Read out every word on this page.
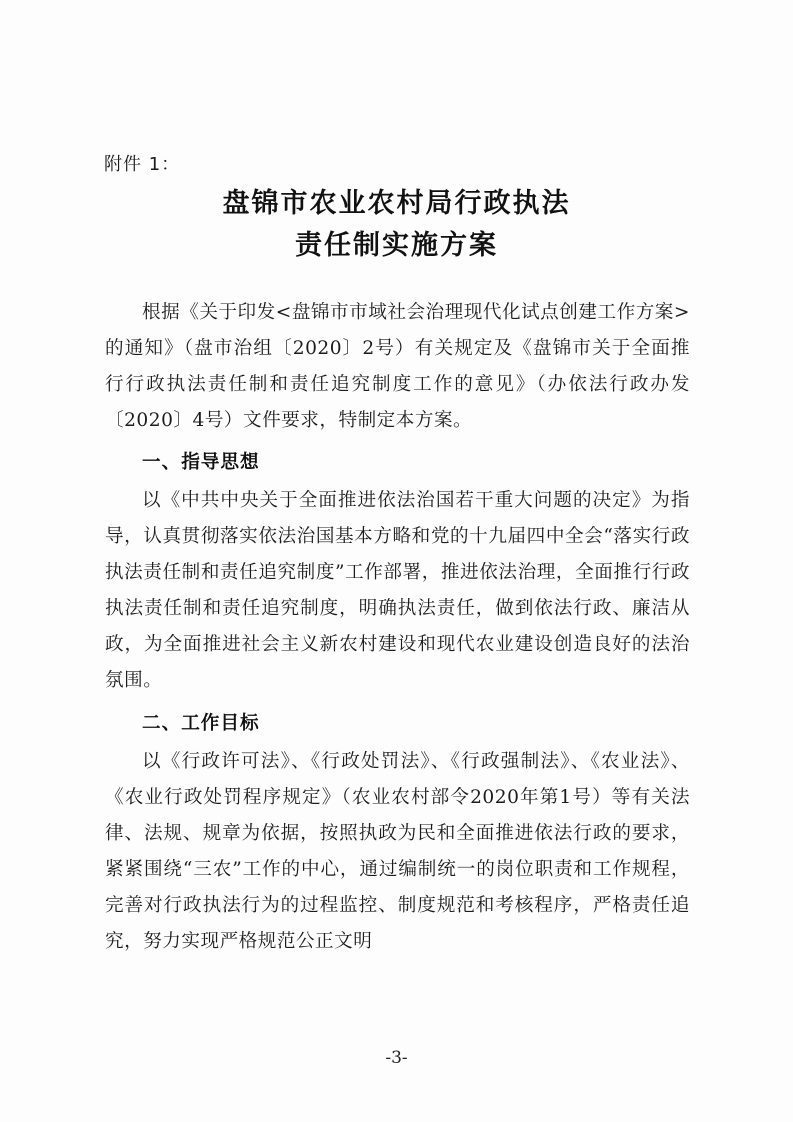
附件 1：
盘锦市农业农村局行政执法
责任制实施方案

根据《关于印发<盘锦市市域社会治理现代化试点创建工作方案>的通知》（盘市治组〔2020〕2号）有关规定及《盘锦市关于全面推行行政执法责任制和责任追究制度工作的意见》（办依法行政办发〔2020〕4号）文件要求，特制定本方案。

一、指导思想

以《中共中央关于全面推进依法治国若干重大问题的决定》为指导，认真贯彻落实依法治国基本方略和党的十九届四中全会“落实行政执法责任制和责任追究制度”工作部署，推进依法治理，全面推行行政执法责任制和责任追究制度，明确执法责任，做到依法行政、廉洁从政，为全面推进社会主义新农村建设和现代农业建设创造良好的法治氛围。

二、工作目标

以《行政许可法》、《行政处罚法》、《行政强制法》、《农业法》、《农业行政处罚程序规定》（农业农村部令2020年第1号）等有关法律、法规、规章为依据，按照执政为民和全面推进依法行政的要求，紧紧围绕“三农”工作的中心，通过编制统一的岗位职责和工作规程，完善对行政执法行为的过程监控、制度规范和考核程序，严格责任追究，努力实现严格规范公正文明

-3-
